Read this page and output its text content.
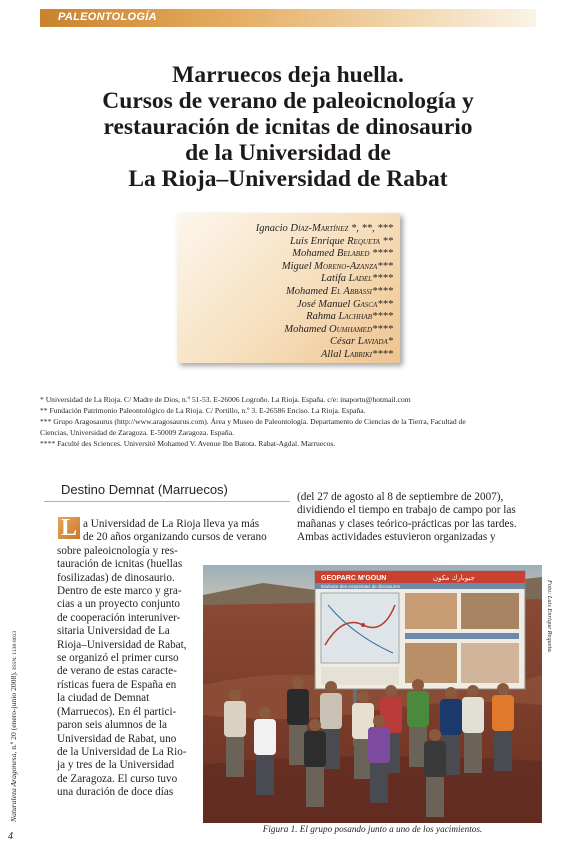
PALEONTOLOGÍA
Marruecos deja huella.
Cursos de verano de paleoicnología y
restauración de icnitas de dinosaurio
de la Universidad de
La Rioja–Universidad de Rabat
Ignacio Díaz-Martínez *, **, ***
Luis Enrique Requeta **
Mohamed Belabed ****
Miguel Moreno-Azanza***
Latifa Ladel****
Mohamed El Abbassi****
José Manuel Gasca***
Rahma Lachhab****
Mohamed Oumhamed****
César Laviada*
Allal Labriki****
* Universidad de La Rioja. C/ Madre de Dios, n.º 51-53. E-26006 Logroño. La Rioja. España. c/e: inaportu@hotmail.com
** Fundación Patrimonio Paleontológico de La Rioja. C/ Portillo, n.º 3. E-26586 Enciso. La Rioja. España.
*** Grupo Aragosaurus (http://www.aragosaurus.com). Área y Museo de Paleontología. Departamento de Ciencias de la Tierra, Facultad de
Ciencias, Universidad de Zaragoza. E-50009 Zaragoza. España.
**** Faculté des Sciences. Université Mohamed V. Avenue Ibn Batota. Rabat-Agdal. Marruecos.
Destino Demnat (Marruecos)
L a Universidad de La Rioja lleva ya más
de 20 años organizando cursos de verano
sobre paleoicnología y res-
tauración de icnitas (huellas
fosilizadas) de dinosaurio.
Dentro de este marco y gra-
cias a un proyecto conjunto
de cooperación interuniver-
sitaria Universidad de La
Rioja–Universidad de Rabat,
se organizó el primer curso
de verano de estas caracte-
rísticas fuera de España en
la ciudad de Demnat
(Marruecos). En él partici-
paron seis alumnos de la
Universidad de Rabat, uno
de la Universidad de La Rio-
ja y tres de la Universidad
de Zaragoza. El curso tuvo
una duración de doce días
(del 27 de agosto al 8 de septiembre de 2007),
dividiendo el tiempo en trabajo de campo por las
mañanas y clases teórico-prácticas por las tardes.
Ambas actividades estuvieron organizadas y
Naturaleza Aragonesa, n.º 20 (enero-junio 2008). ISSN: 1138-8013
GEOPARC M'GOUN	جيوبارك مكون
Itinéraire des empreintes de dinosaures	Foto: Luis Enrique Requeta.
Figura 1. El grupo posando junto a uno de los yacimientos.
4
